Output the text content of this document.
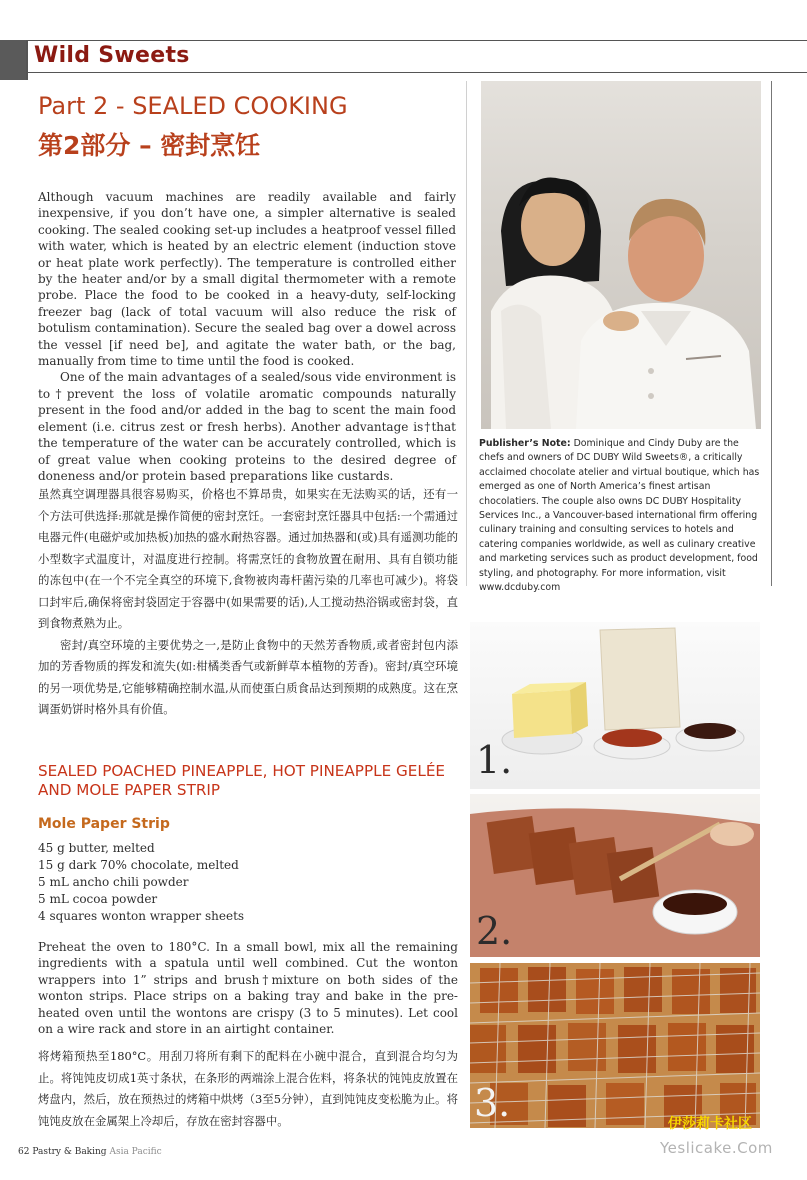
Wild Sweets
Part 2 - SEALED COOKING
第2部分 – 密封烹饪

Although vacuum machines are readily available and fairly inexpensive, if you don’t have one, a simpler alternative is sealed cooking. The sealed cooking set-up includes a heatproof vessel filled with water, which is heated by an electric element (induction stove or heat plate work perfectly). The temperature is controlled either by the heater and/or by a small digital thermometer with a remote probe. Place the food to be cooked in a heavy-duty, self-locking freezer bag (lack of total vacuum will also reduce the risk of botulism contamination). Secure the sealed bag over a dowel across the vessel [if need be], and agitate the water bath, or the bag, manually from time to time until the food is cooked.

One of the main advantages of a sealed/sous vide environment is to†prevent the loss of volatile aromatic compounds naturally present in the food and/or added in the bag to scent the main food element (i.e. citrus zest or fresh herbs). Another advantage is†that the temperature of the water can be accurately controlled, which is of great value when cooking proteins to the desired degree of doneness and/or protein based preparations like custards.

虽然真空调理器具很容易购买，价格也不算昂贵，如果实在无法购买的话，还有一个方法可供选择:那就是操作简便的密封烹饪。一套密封烹饪器具中包括:一个需通过电器元件(电磁炉或加热板)加热的盛水耐热容器。通过加热器和(或)具有遥测功能的小型数字式温度计，对温度进行控制。将需烹饪的食物放置在耐用、具有自锁功能的冻包中(在一个不完全真空的环境下,食物被肉毒杆菌污染的几率也可减少)。将袋口封牢后,确保将密封袋固定于容器中(如果需要的话),人工搅动热浴锅或密封袋，直到食物煮熟为止。

密封/真空环境的主要优势之一,是防止食物中的天然芳香物质,或者密封包内添加的芳香物质的挥发和流失(如:柑橘类香气或新鲜草本植物的芳香)。密封/真空环境的另一项优势是,它能够精确控制水温,从而使蛋白质食品达到预期的成熟度。这在烹调蛋奶饼时格外具有价值。

Publisher’s Note: Dominique and Cindy Duby are the chefs and owners of DC DUBY Wild Sweets®, a critically acclaimed chocolate atelier and virtual boutique, which has emerged as one of North America’s finest artisan chocolatiers. The couple also owns DC DUBY Hospitality Services Inc., a Vancouver-based international firm offering culinary training and consulting services to hotels and catering companies worldwide, as well as culinary creative and marketing services such as product development, food styling, and photography. For more information, visit www.dcduby.com
SEALED POACHED PINEAPPLE, HOT PINEAPPLE GELÉE AND MOLE PAPER STRIP
Mole Paper Strip
45 g butter, melted
15 g dark 70% chocolate, melted
5 mL ancho chili powder
5 mL cocoa powder
4 squares wonton wrapper sheets
Preheat the oven to 180°C. In a small bowl, mix all the remaining ingredients with a spatula until well combined. Cut the wonton wrappers into 1” strips and brush†mixture on both sides of the wonton strips. Place strips on a baking tray and bake in the pre-heated oven until the wontons are crispy (3 to 5 minutes). Let cool on a wire rack and store in an airtight container.
将烤箱预热至180°C。用刮刀将所有剩下的配料在小碗中混合，直到混合均匀为止。将饨饨皮切成1英寸条状，在条形的两端涂上混合佐料，将条状的饨饨皮放置在烤盘内，然后，放在预热过的烤箱中烘烤（3至5分钟），直到饨饨皮变松脆为止。将饨饨皮放在金属架上冷却后，存放在密封容器中。
1.
2.
3.	伊莎莉卡社区
Yeslicake.Com
62 Pastry & Baking Asia Pacific
